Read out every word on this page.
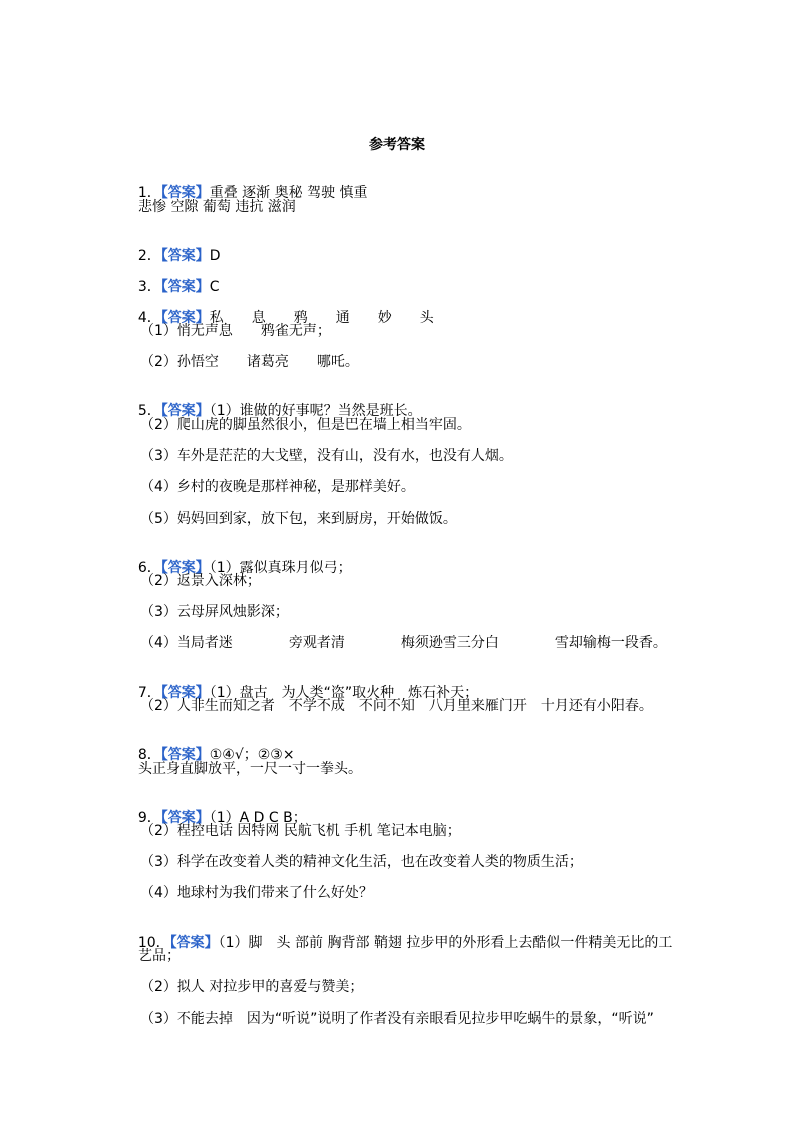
参考答案

1．【答案】重叠 逐渐 奥秘 驾驶 慎重

悲惨 空隙 葡萄 违抗 滋润

2．【答案】D

3．【答案】C

4．【答案】私　　息　　鸦　　通　　妙　　头

（1）悄无声息　　鸦雀无声；
（2）孙悟空　　诸葛亮　　哪吒。

5．【答案】（1）谁做的好事呢？当然是班长。

（2）爬山虎的脚虽然很小，但是巴在墙上相当牢固。
（3）车外是茫茫的大戈壁，没有山，没有水，也没有人烟。
（4）乡村的夜晚是那样神秘，是那样美好。
（5）妈妈回到家，放下包，来到厨房，开始做饭。

6．【答案】（1）露似真珠月似弓；

（2）返景入深林；
（3）云母屏风烛影深；
（4）当局者迷　　　　旁观者清　　　　梅须逊雪三分白　　　　雪却输梅一段香。

7．【答案】（1）盘古　为人类“盗”取火种　炼石补天；

（2）人非生而知之者　不学不成　不问不知　八月里来雁门开　十月还有小阳春。

8．【答案】①④√；②③×

头正身直脚放平，一尺一寸一拳头。

9．【答案】（1）A D C B；

（2）程控电话 因特网 民航飞机 手机 笔记本电脑；
（3）科学在改变着人类的精神文化生活，也在改变着人类的物质生活；
（4）地球村为我们带来了什么好处？

10．【答案】（1）脚　头 部前 胸背部 鞘翅 拉步甲的外形看上去酷似一件精美无比的工

艺品；
（2）拟人 对拉步甲的喜爱与赞美；
（3）不能去掉　因为“听说”说明了作者没有亲眼看见拉步甲吃蜗牛的景象，“听说”
